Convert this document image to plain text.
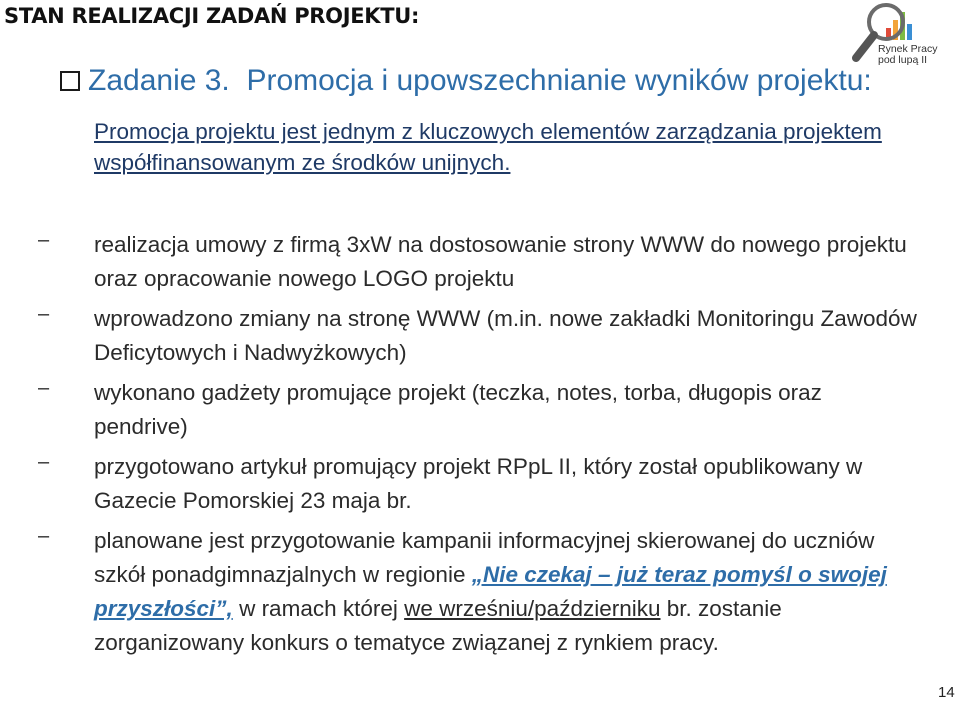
STAN REALIZACJI ZADAŃ PROJEKTU:
Rynek Pracy
pod lupą II
Zadanie 3. Promocja i upowszechnianie wyników projektu:
Promocja projektu jest jednym z kluczowych elementów zarządzania projektem współfinansowanym ze środków unijnych.
–	realizacja umowy z firmą 3xW na dostosowanie strony WWW do nowego projektu oraz opracowanie nowego LOGO projektu
–	wprowadzono zmiany na stronę WWW (m.in. nowe zakładki Monitoringu Zawodów Deficytowych i Nadwyżkowych)
–	wykonano gadżety promujące projekt (teczka, notes, torba, długopis oraz pendrive)
–	przygotowano artykuł promujący projekt RPpL II, który został opublikowany w Gazecie Pomorskiej 23 maja br.
–	planowane jest przygotowanie kampanii informacyjnej skierowanej do uczniów szkół ponadgimnazjalnych w regionie „Nie czekaj – już teraz pomyśl o swojej przyszłości”, w ramach której we wrześniu/październiku br. zostanie zorganizowany konkurs o tematyce związanej z rynkiem pracy.
14
